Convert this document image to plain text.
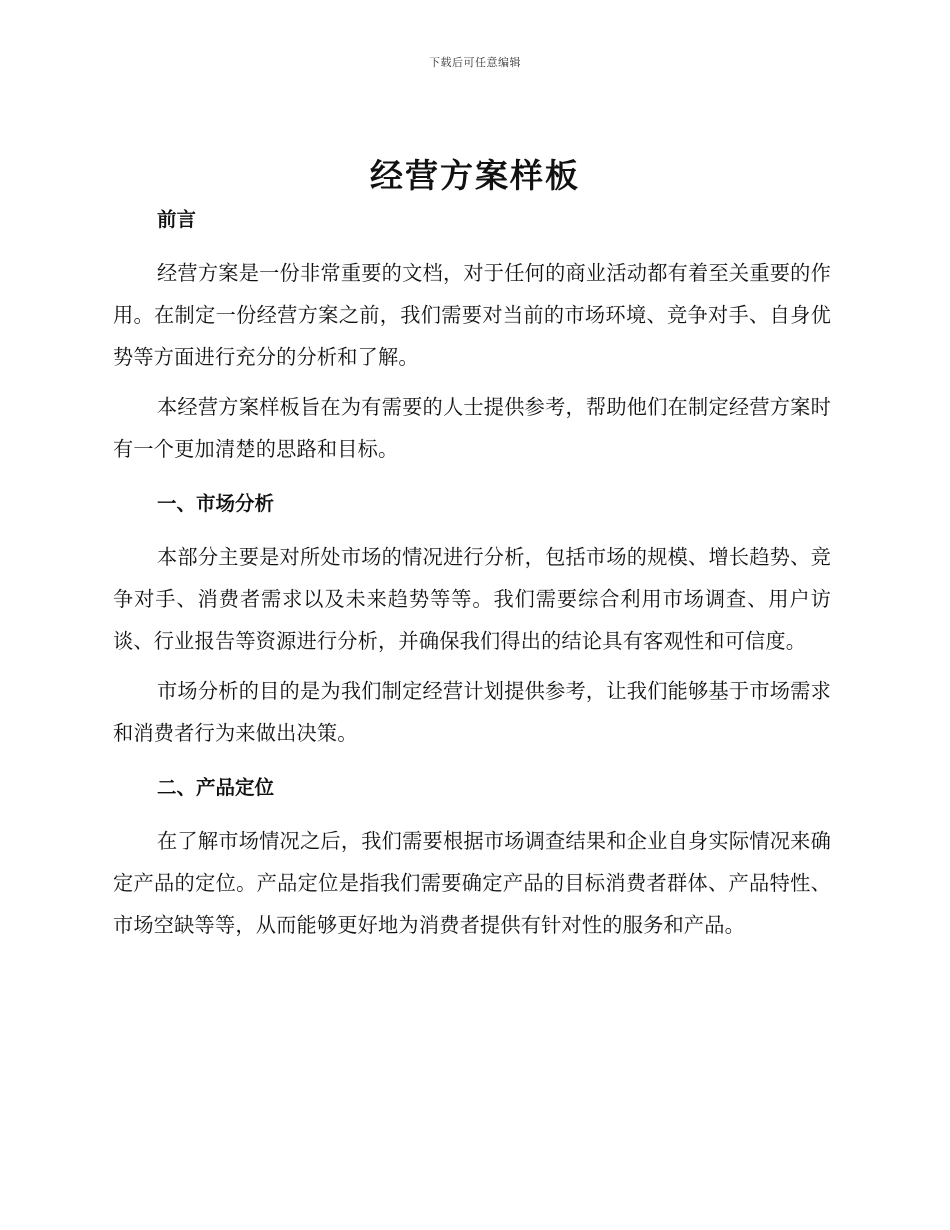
下载后可任意编辑
经营方案样板
前言

经营方案是一份非常重要的文档，对于任何的商业活动都有着至关重要的作用。在制定一份经营方案之前，我们需要对当前的市场环境、竞争对手、自身优势等方面进行充分的分析和了解。

本经营方案样板旨在为有需要的人士提供参考，帮助他们在制定经营方案时有一个更加清楚的思路和目标。

一、市场分析

本部分主要是对所处市场的情况进行分析，包括市场的规模、增长趋势、竞争对手、消费者需求以及未来趋势等等。我们需要综合利用市场调查、用户访谈、行业报告等资源进行分析，并确保我们得出的结论具有客观性和可信度。

市场分析的目的是为我们制定经营计划提供参考，让我们能够基于市场需求和消费者行为来做出决策。

二、产品定位

在了解市场情况之后，我们需要根据市场调查结果和企业自身实际情况来确定产品的定位。产品定位是指我们需要确定产品的目标消费者群体、产品特性、市场空缺等等，从而能够更好地为消费者提供有针对性的服务和产品。
